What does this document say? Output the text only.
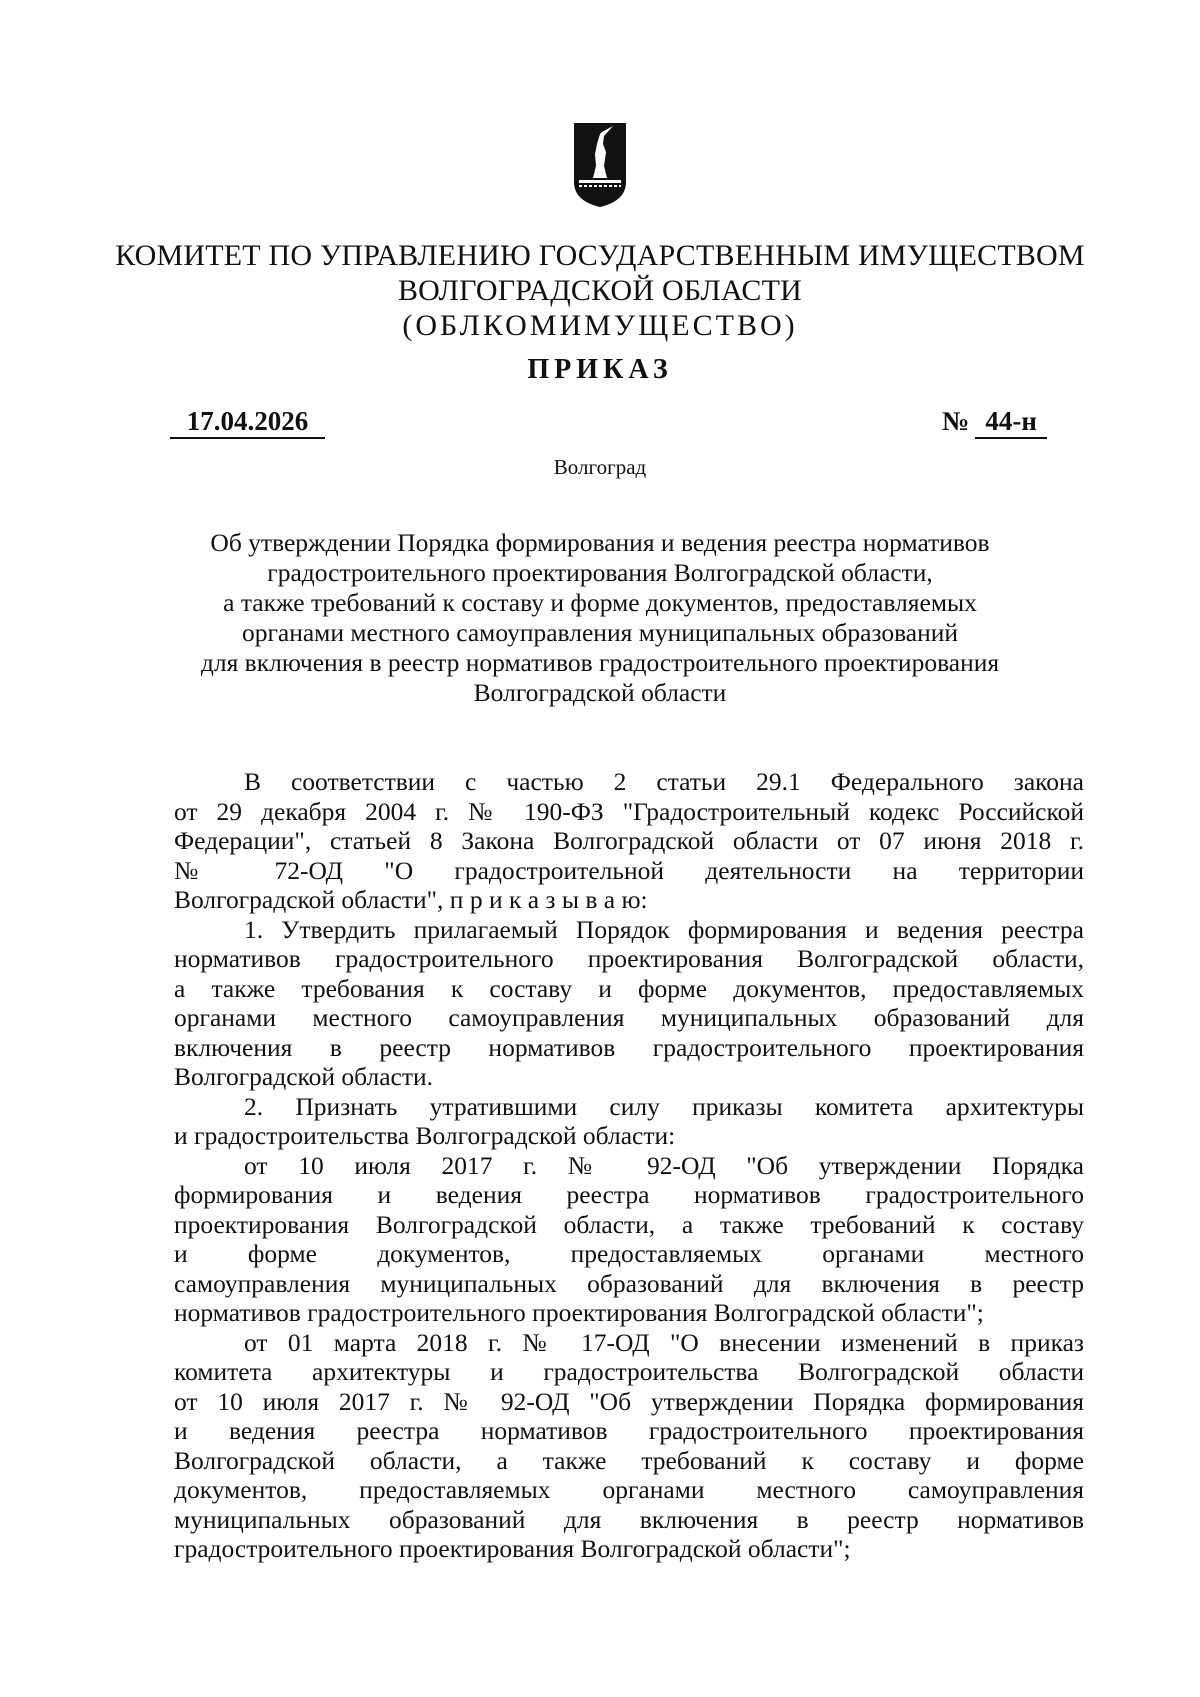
КОМИТЕТ ПО УПРАВЛЕНИЮ ГОСУДАРСТВЕННЫМ ИМУЩЕСТВОМ
ВОЛГОГРАДСКОЙ ОБЛАСТИ
(ОБЛКОМИМУЩЕСТВО)
ПРИКАЗ
17.04.2026	№ 44-н
Волгоград
Об утверждении Порядка формирования и ведения реестра нормативов
градостроительного проектирования Волгоградской области,
а также требований к составу и форме документов, предоставляемых
органами местного самоуправления муниципальных образований
для включения в реестр нормативов градостроительного проектирования
Волгоградской области
В соответствии с частью 2 статьи 29.1 Федерального закона
от 29 декабря 2004 г. № 190-ФЗ "Градостроительный кодекс Российской
Федерации", статьей 8 Закона Волгоградской области от 07 июня 2018 г.
№ 72-ОД "О градостроительной деятельности на территории
Волгоградской области", п р и к а з ы в а ю:
1. Утвердить прилагаемый Порядок формирования и ведения реестра
нормативов градостроительного проектирования Волгоградской области,
а также требования к составу и форме документов, предоставляемых
органами местного самоуправления муниципальных образований для
включения в реестр нормативов градостроительного проектирования
Волгоградской области.
2. Признать утратившими силу приказы комитета архитектуры
и градостроительства Волгоградской области:
от 10 июля 2017 г. № 92-ОД "Об утверждении Порядка
формирования и ведения реестра нормативов градостроительного
проектирования Волгоградской области, а также требований к составу
и форме документов, предоставляемых органами местного
самоуправления муниципальных образований для включения в реестр
нормативов градостроительного проектирования Волгоградской области";
от 01 марта 2018 г. № 17-ОД "О внесении изменений в приказ
комитета архитектуры и градостроительства Волгоградской области
от 10 июля 2017 г. № 92-ОД "Об утверждении Порядка формирования
и ведения реестра нормативов градостроительного проектирования
Волгоградской области, а также требований к составу и форме
документов, предоставляемых органами местного самоуправления
муниципальных образований для включения в реестр нормативов
градостроительного проектирования Волгоградской области";
